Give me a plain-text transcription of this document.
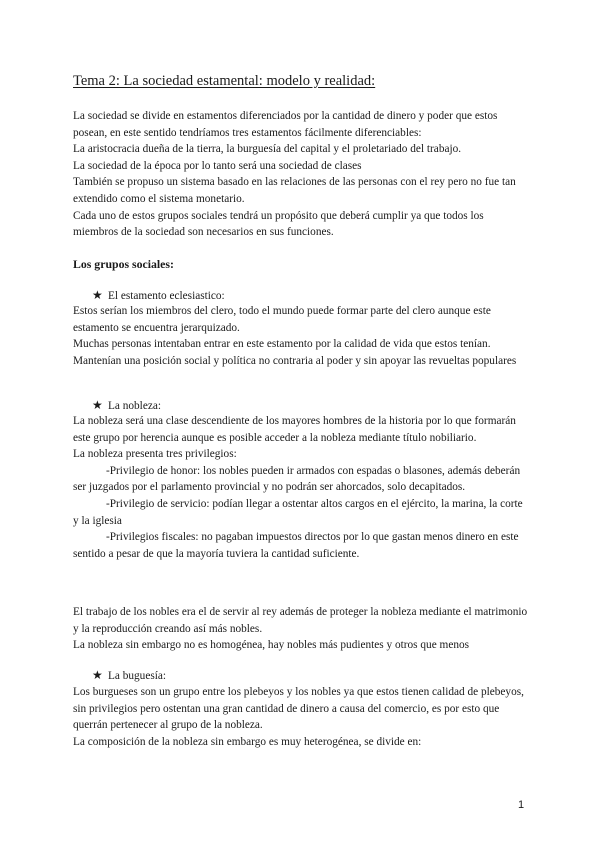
Tema 2: La sociedad estamental: modelo y realidad:

La sociedad se divide en estamentos diferenciados por la cantidad de dinero y poder que estos posean, en este sentido tendríamos tres estamentos fácilmente diferenciables:

La aristocracia dueña de la tierra, la burguesía del capital y el proletariado del trabajo.

La sociedad de la época por lo tanto será una sociedad de clases

También se propuso un sistema basado en las relaciones de las personas con el rey pero no fue tan extendido como el sistema monetario.

Cada uno de estos grupos sociales tendrá un propósito que deberá cumplir ya que todos los miembros de la sociedad son necesarios en sus funciones.

Los grupos sociales:
★ El estamento eclesiastico:

Estos serían los miembros del clero, todo el mundo puede formar parte del clero aunque este estamento se encuentra jerarquizado.

Muchas personas intentaban entrar en este estamento por la calidad de vida que estos tenían.

Mantenían una posición social y política no contraria al poder y sin apoyar las revueltas populares

★ La nobleza:

La nobleza será una clase descendiente de los mayores hombres de la historia por lo que formarán este grupo por herencia aunque es posible acceder a la nobleza mediante título nobiliario.

La nobleza presenta tres privilegios:

-Privilegio de honor: los nobles pueden ir armados con espadas o blasones, además deberán ser juzgados por el parlamento provincial y no podrán ser ahorcados, solo decapitados.

-Privilegio de servicio: podían llegar a ostentar altos cargos en el ejército, la marina, la corte y la iglesia

-Privilegios fiscales: no pagaban impuestos directos por lo que gastan menos dinero en este sentido a pesar de que la mayoría tuviera la cantidad suficiente.

El trabajo de los nobles era el de servir al rey además de proteger la nobleza mediante el matrimonio y la reproducción creando así más nobles.

La nobleza sin embargo no es homogénea, hay nobles más pudientes y otros que menos

★ La buguesía:

Los burgueses son un grupo entre los plebeyos y los nobles ya que estos tienen calidad de plebeyos, sin privilegios pero ostentan una gran cantidad de dinero a causa del comercio, es por esto que querrán pertenecer al grupo de la nobleza.

La composición de la nobleza sin embargo es muy heterogénea, se divide en:

1
